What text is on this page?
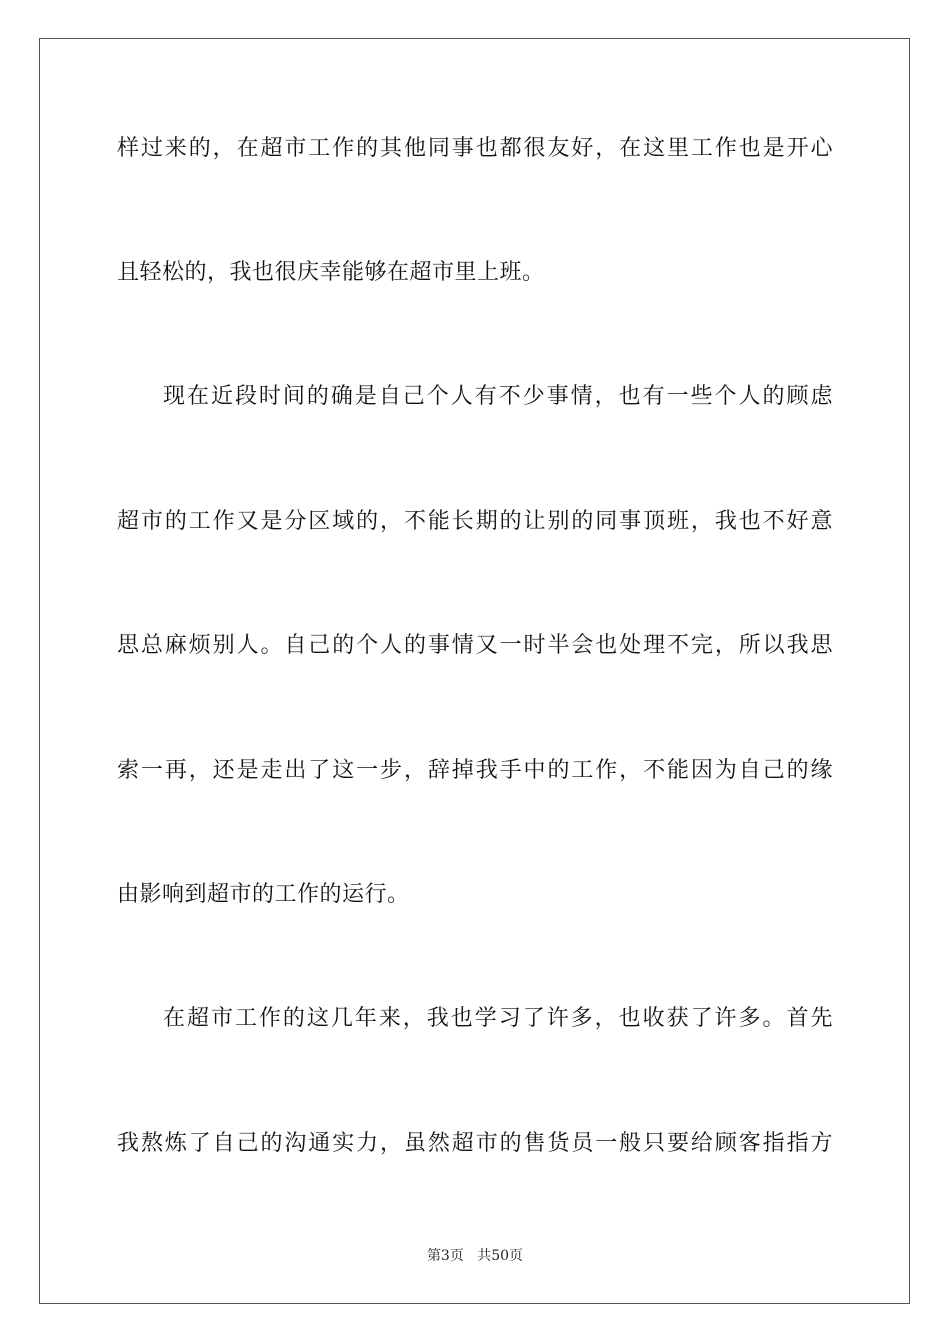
样过来的，在超市工作的其他同事也都很友好，在这里工作也是开心
且轻松的，我也很庆幸能够在超市里上班。
现在近段时间的确是自己个人有不少事情，也有一些个人的顾虑
超市的工作又是分区域的，不能长期的让别的同事顶班，我也不好意
思总麻烦别人。自己的个人的事情又一时半会也处理不完，所以我思
索一再，还是走出了这一步，辞掉我手中的工作，不能因为自己的缘
由影响到超市的工作的运行。
在超市工作的这几年来，我也学习了许多，也收获了许多。首先
我熬炼了自己的沟通实力，虽然超市的售货员一般只要给顾客指指方
第3页 共50页
